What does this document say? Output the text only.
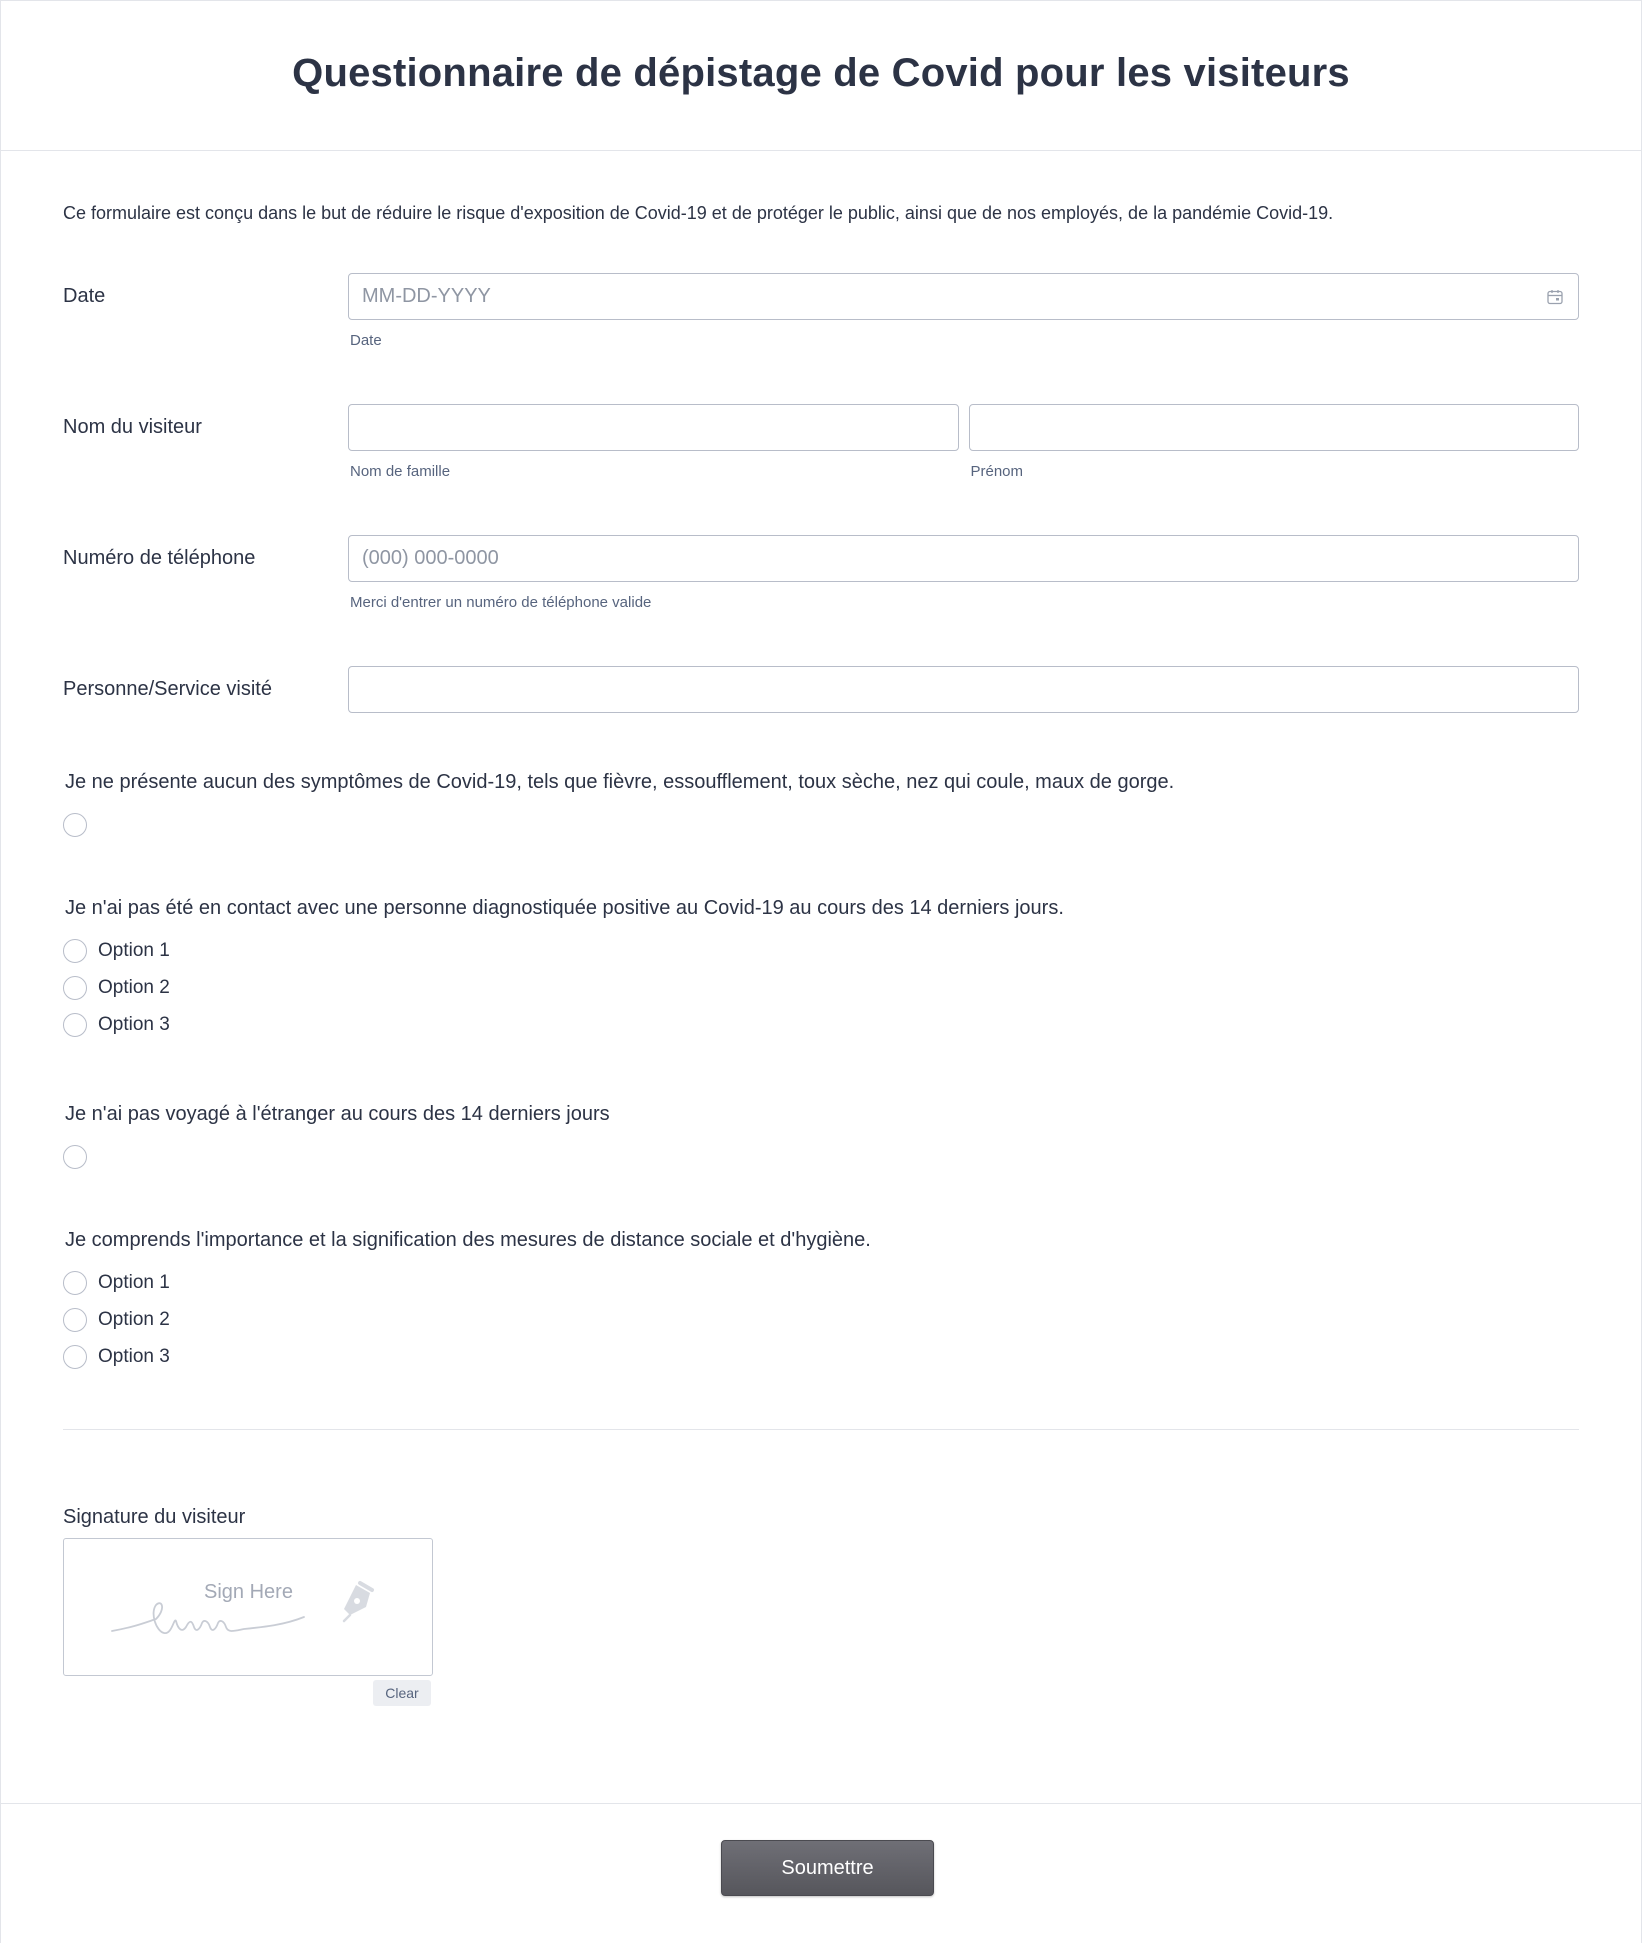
Questionnaire de dépistage de Covid pour les visiteurs

Ce formulaire est conçu dans le but de réduire le risque d'exposition de Covid-19 et de protéger le public, ainsi que de nos employés, de la pandémie Covid-19.

Date	MM-DD-YYYY
Date
Nom du visiteur
Nom de famille	Prénom
Numéro de téléphone	(000) 000-0000
Merci d'entrer un numéro de téléphone valide
Personne/Service visité
Je ne présente aucun des symptômes de Covid-19, tels que fièvre, essoufflement, toux sèche, nez qui coule, maux de gorge.
Je n'ai pas été en contact avec une personne diagnostiquée positive au Covid-19 au cours des 14 derniers jours.
Option 1
Option 2
Option 3
Je n'ai pas voyagé à l'étranger au cours des 14 derniers jours
Je comprends l'importance et la signification des mesures de distance sociale et d'hygiène.
Option 1
Option 2
Option 3
Signature du visiteur
Sign Here
Clear
Soumettre
